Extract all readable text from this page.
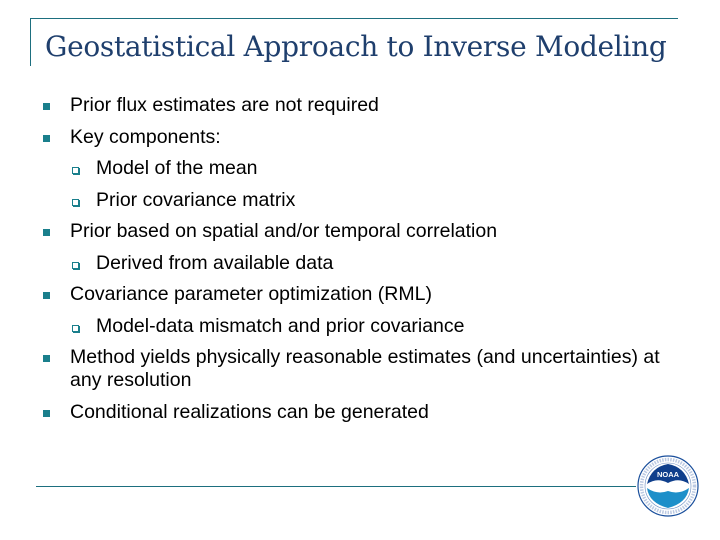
Geostatistical Approach to Inverse Modeling
Prior flux estimates are not required
Key components:
Model of the mean
Prior covariance matrix
Prior based on spatial and/or temporal correlation
Derived from available data
Covariance parameter optimization (RML)
Model-data mismatch and prior covariance
Method yields physically reasonable estimates (and uncertainties) at any resolution
Conditional realizations can be generated
NOAA
